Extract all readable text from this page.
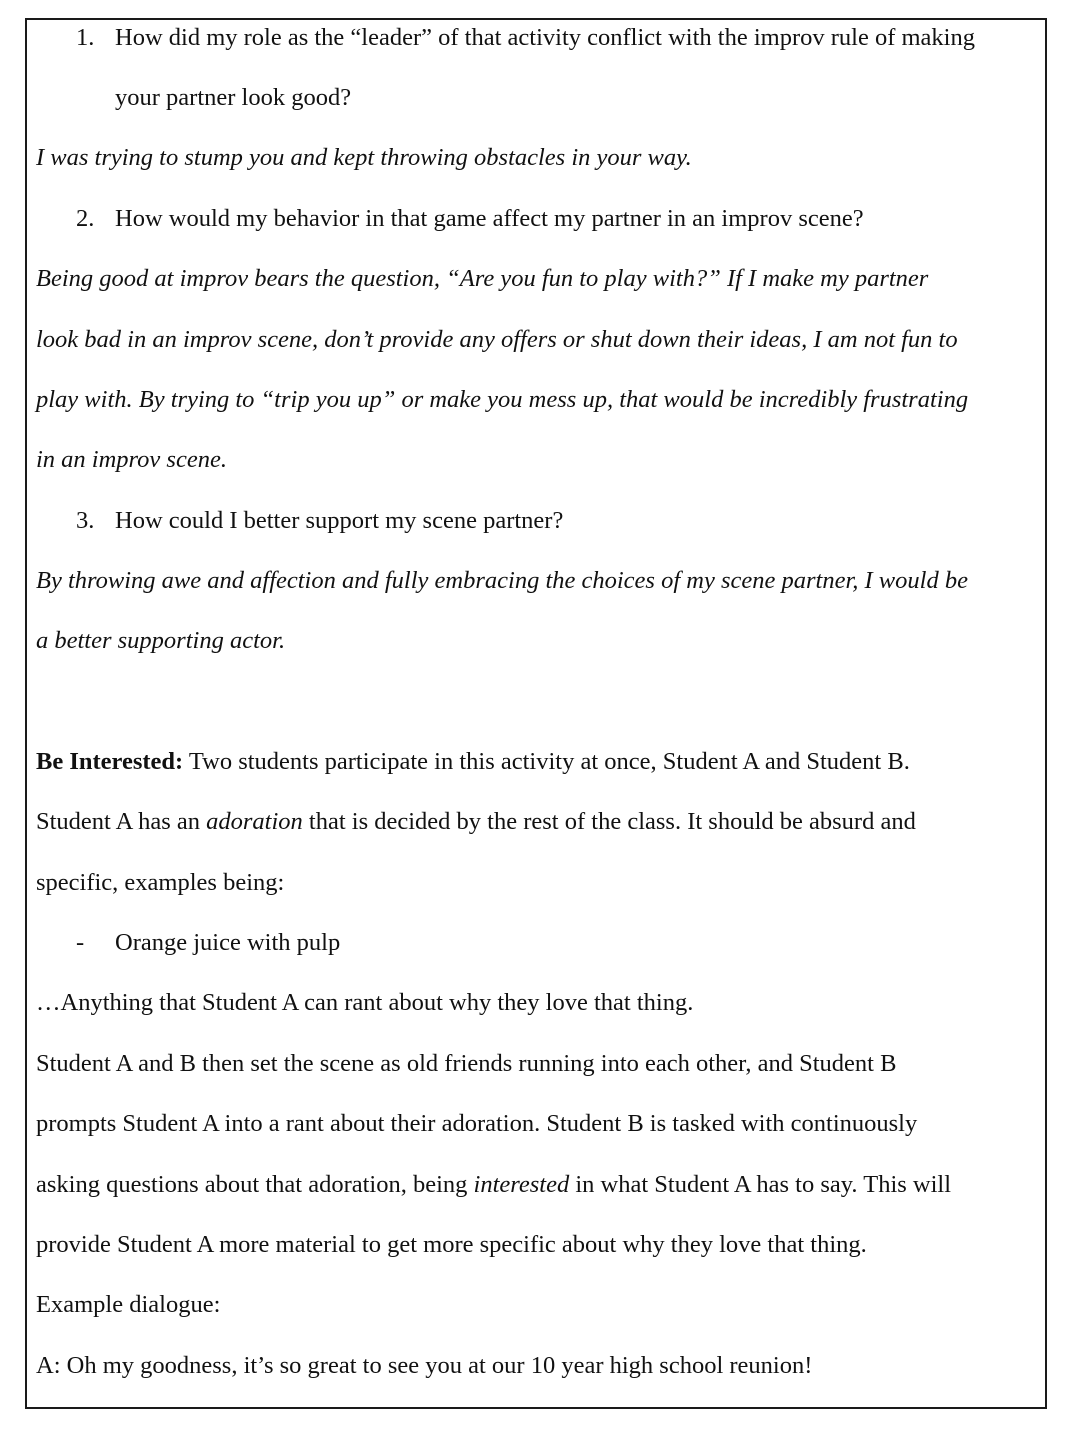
1. How did my role as the “leader” of that activity conflict with the improv rule of making
your partner look good?
I was trying to stump you and kept throwing obstacles in your way.
2. How would my behavior in that game affect my partner in an improv scene?
Being good at improv bears the question, “Are you fun to play with?” If I make my partner
look bad in an improv scene, don’t provide any offers or shut down their ideas, I am not fun to
play with. By trying to “trip you up” or make you mess up, that would be incredibly frustrating
in an improv scene.
3. How could I better support my scene partner?
By throwing awe and affection and fully embracing the choices of my scene partner, I would be
a better supporting actor.
Be Interested: Two students participate in this activity at once, Student A and Student B.
Student A has an adoration that is decided by the rest of the class. It should be absurd and
specific, examples being:
- Orange juice with pulp
…Anything that Student A can rant about why they love that thing.
Student A and B then set the scene as old friends running into each other, and Student B
prompts Student A into a rant about their adoration. Student B is tasked with continuously
asking questions about that adoration, being interested in what Student A has to say. This will
provide Student A more material to get more specific about why they love that thing.
Example dialogue:
A: Oh my goodness, it’s so great to see you at our 10 year high school reunion!
